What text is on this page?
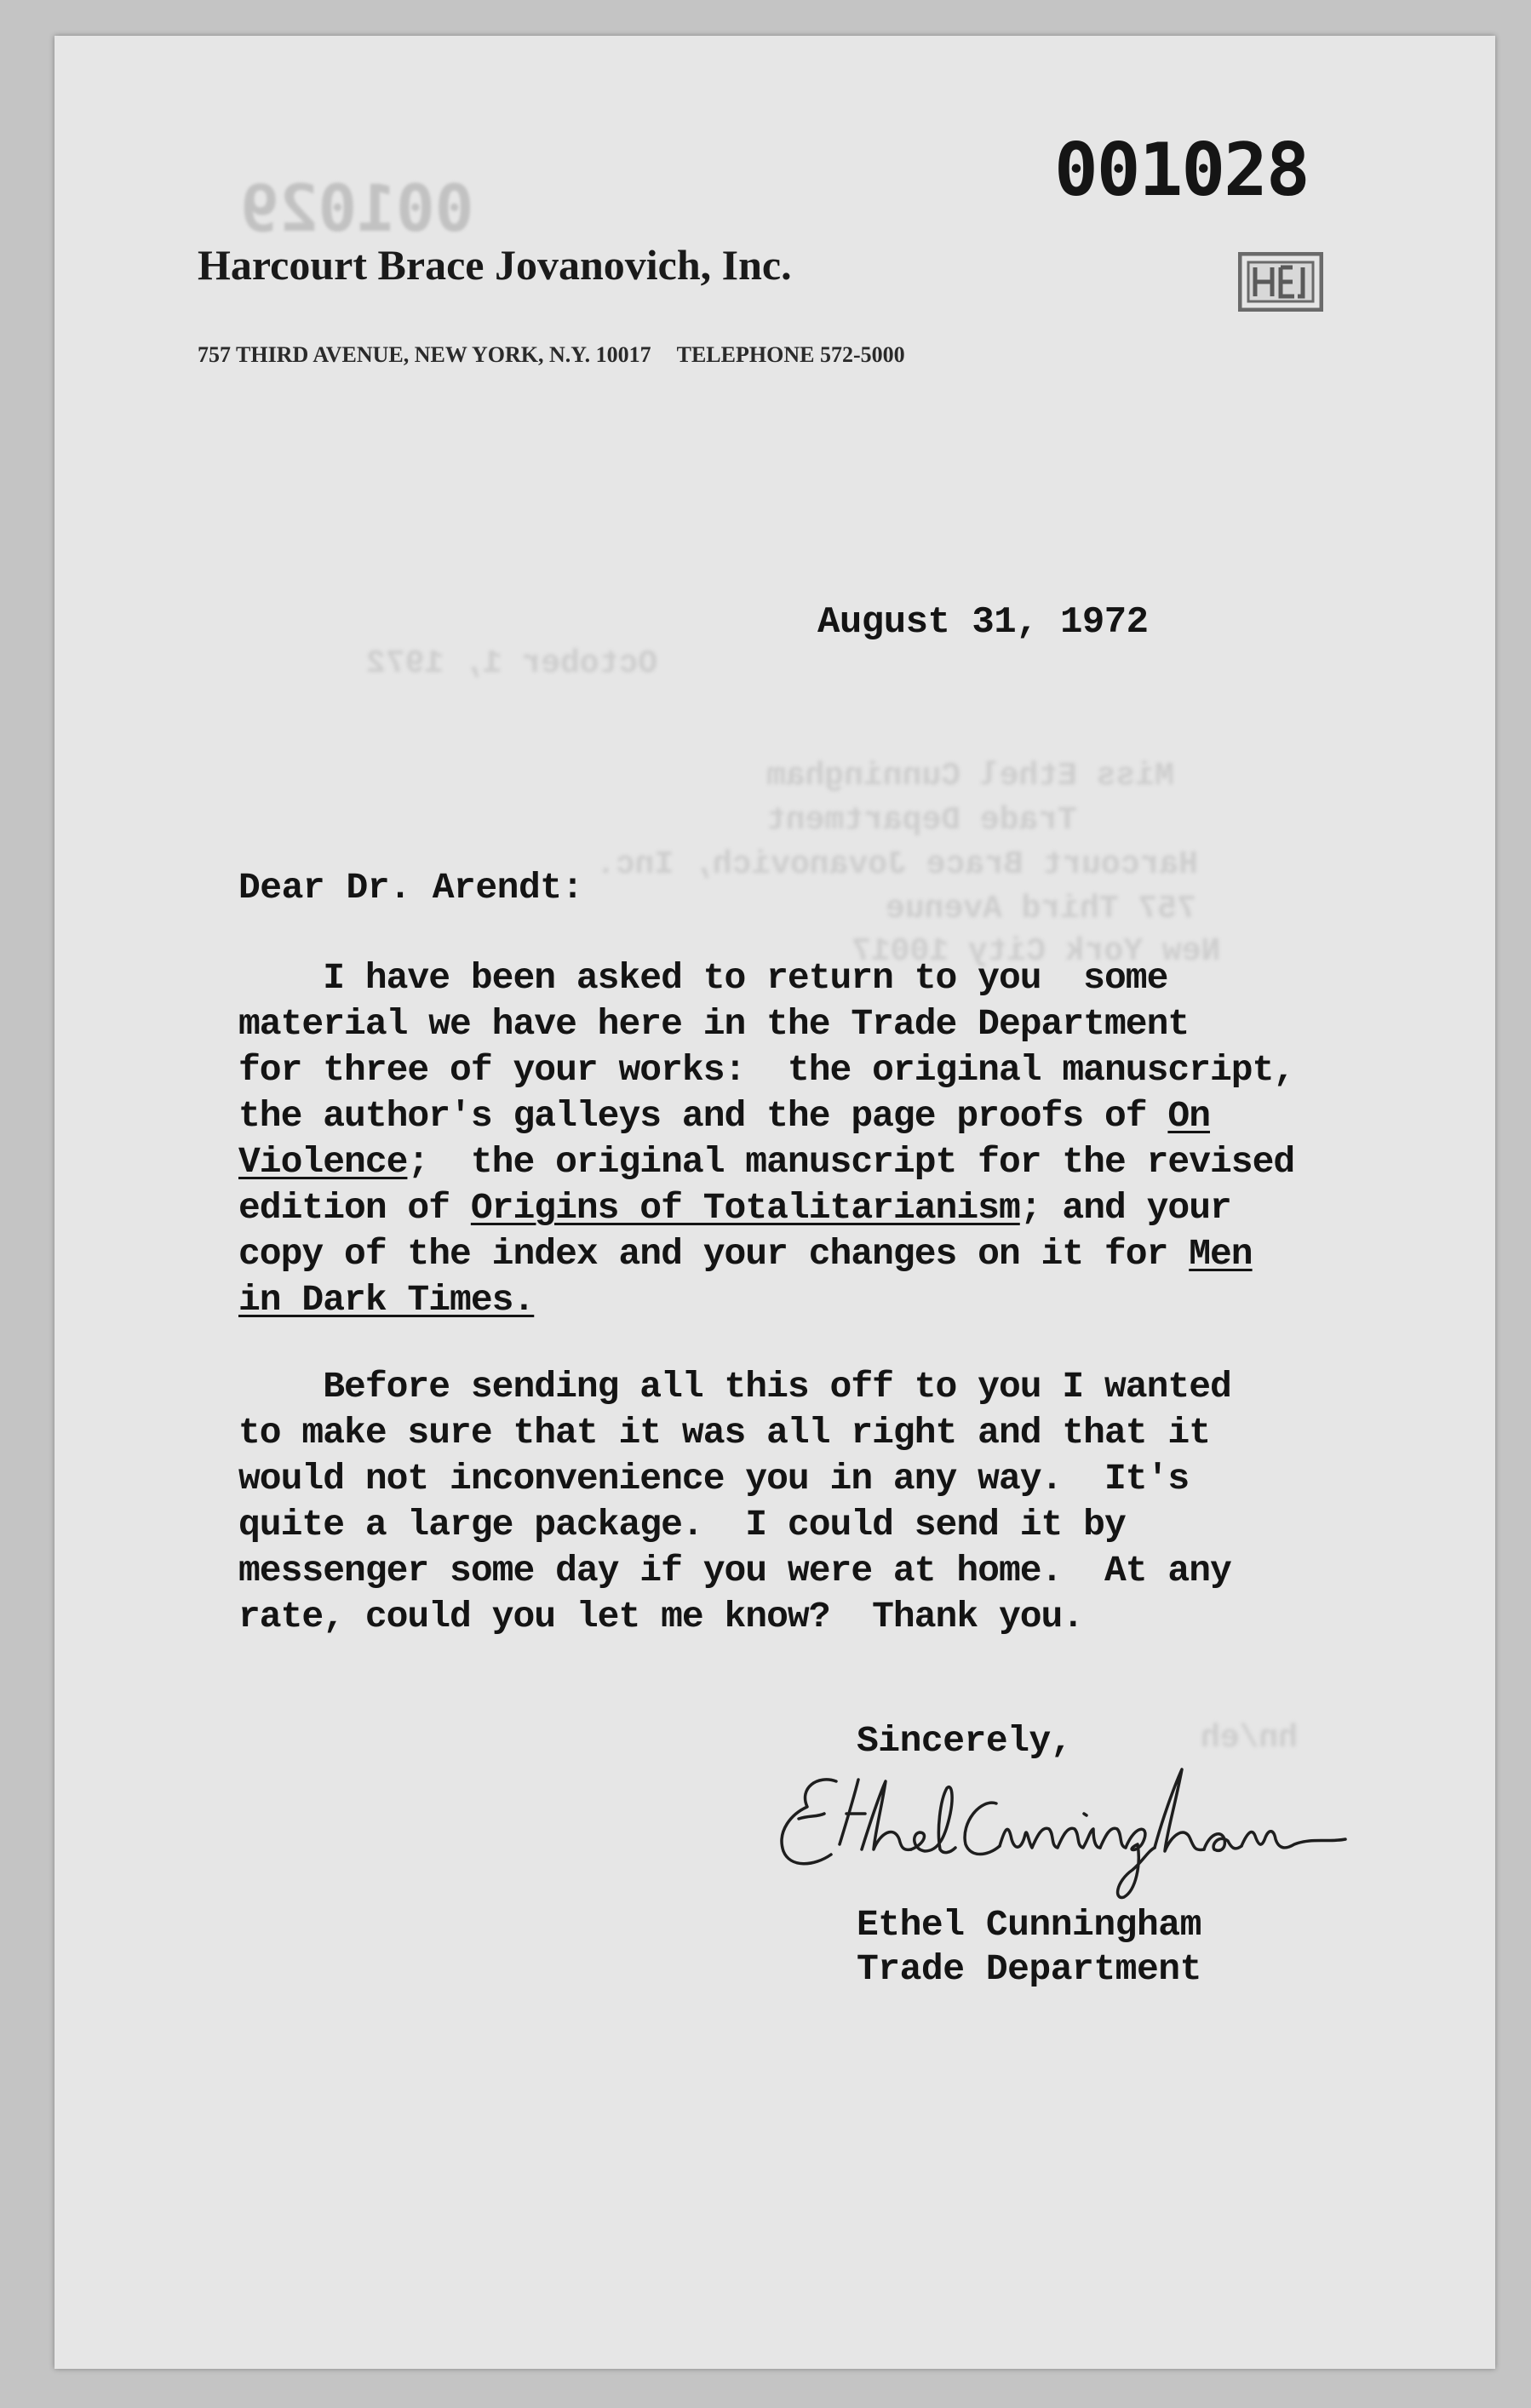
October 1, 1972
Miss Ethel Cunningham
Trade Department
Harcourt Brace Jovanovich, Inc.
757 Third Avenue
New York City 10017
hn/eh
001029	001028
Harcourt Brace Jovanovich, Inc.
757 THIRD AVENUE, NEW YORK, N.Y. 10017 TELEPHONE 572-5000
August 31, 1972
Dear Dr. Arendt:
I have been asked to return to you  some
material we have here in the Trade Department
for three of your works:  the original manuscript,
the author's galleys and the page proofs of On
Violence;  the original manuscript for the revised
edition of Origins of Totalitarianism; and your
copy of the index and your changes on it for Men
in Dark Times.
Before sending all this off to you I wanted
to make sure that it was all right and that it
would not inconvenience you in any way.  It's
quite a large package.  I could send it by
messenger some day if you were at home.  At any
rate, could you let me know?  Thank you.
Sincerely,
Ethel Cunningham
Trade Department
